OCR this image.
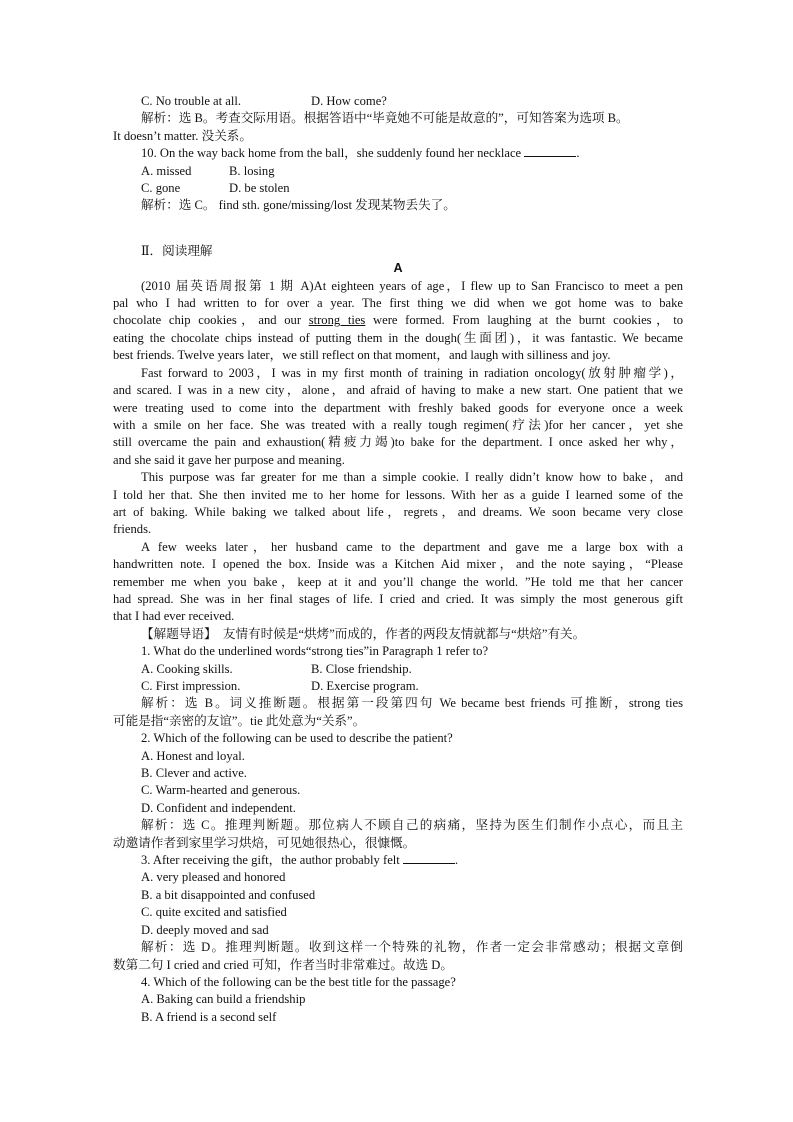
C. No trouble at all.	D. How come?

解析：选 B。考查交际用语。根据答语中“毕竟她不可能是故意的”，可知答案为选项 B。

It doesn’t matter. 没关系。

10. On the way back home from the ball，she suddenly found her necklace	.

A. missed	B. losing

C. gone	D. be stolen

解析：选 C。 find sth. gone/missing/lost 发现某物丢失了。

Ⅱ．阅读理解

A

(2010 届英语周报第 1 期 A)At eighteen years of age，I flew up to San Francisco to meet a pen

pal who I had written to for over a year. The first thing we did when we got home was to bake

chocolate chip cookies，and our strong ties were formed. From laughing at the burnt cookies，to

eating the chocolate chips instead of putting them in the dough(生面团)，it was fantastic. We became

best friends. Twelve years later，we still reflect on that moment，and laugh with silliness and joy.

Fast forward to 2003，I was in my first month of training in radiation oncology(放射肿瘤学)，

and scared. I was in a new city，alone，and afraid of having to make a new start. One patient that we

were treating used to come into the department with freshly baked goods for everyone once a week

with a smile on her face. She was treated with a really tough regimen(疗法)for her cancer，yet she

still overcame the pain and exhaustion(精疲力竭)to bake for the department. I once asked her why，

and she said it gave her purpose and meaning.

This purpose was far greater for me than a simple cookie. I really didn’t know how to bake，and

I told her that. She then invited me to her home for lessons. With her as a guide I learned some of the

art of baking. While baking we talked about life，regrets，and dreams. We soon became very close

friends.

A few weeks later，her husband came to the department and gave me a large box with a

handwritten note. I opened the box. Inside was a Kitchen Aid mixer，and the note saying，“Please

remember me when you bake，keep at it and you’ll change the world. ”He told me that her cancer

had spread. She was in her final stages of life. I cried and cried. It was simply the most generous gift

that I had ever received.

【解题导语】　友情有时候是“烘烤”而成的，作者的两段友情就都与“烘焙”有关。

1. What do the underlined words“strong ties”in Paragraph 1 refer to?

A. Cooking skills.	B. Close friendship.

C. First impression.	D. Exercise program.

解析：选 B。词义推断题。根据第一段第四句 We became best friends 可推断，strong ties

可能是指“亲密的友谊”。tie 此处意为“关系”。

2. Which of the following can be used to describe the patient?

A. Honest and loyal.

B. Clever and active.

C. Warm-hearted and generous.

D. Confident and independent.

解析：选 C。推理判断题。那位病人不顾自己的病痛，坚持为医生们制作小点心，而且主

动邀请作者到家里学习烘焙，可见她很热心，很慷慨。

3. After receiving the gift，the author probably felt	.

A. very pleased and honored

B. a bit disappointed and confused

C. quite excited and satisfied

D. deeply moved and sad

解析：选 D。推理判断题。收到这样一个特殊的礼物，作者一定会非常感动；根据文章倒

数第二句 I cried and cried 可知，作者当时非常难过。故选 D。

4. Which of the following can be the best title for the passage?

A. Baking can build a friendship

B. A friend is a second self
